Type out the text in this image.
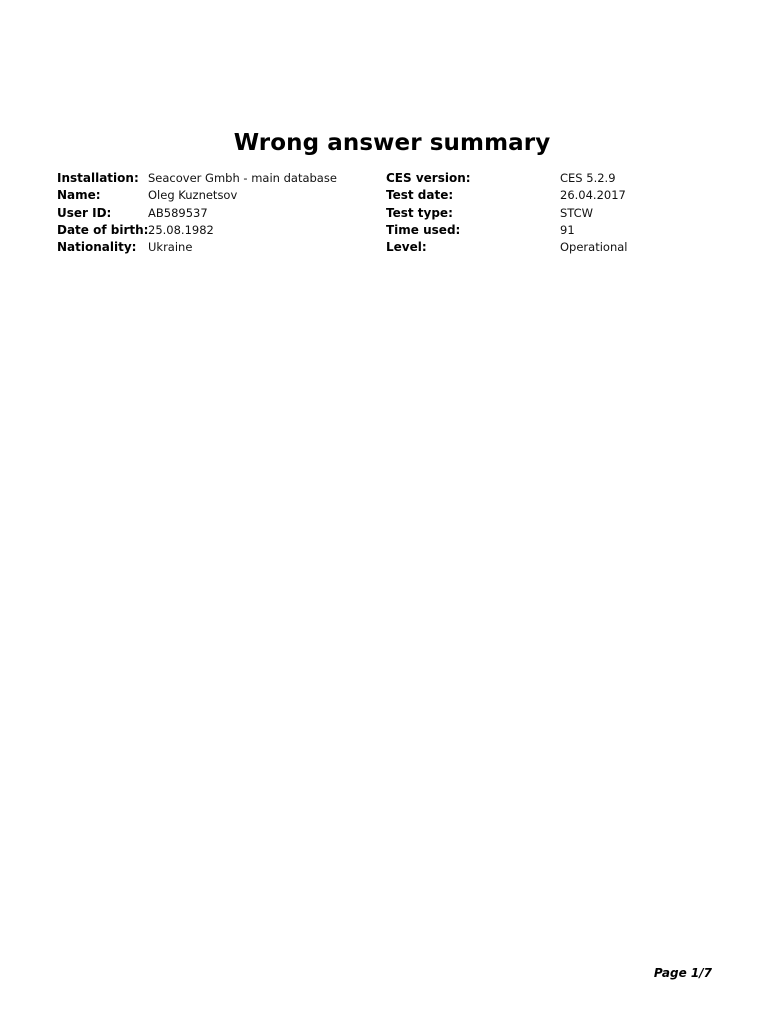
Wrong answer summary
Installation: Seacover Gmbh - main database	CES version:	CES 5.2.9
Name:	Oleg Kuznetsov	Test date:	26.04.2017
User ID:	AB589537	Test type:	STCW
Date of birth: 25.08.1982	Time used:	91
Nationality: Ukraine	Level:	Operational
Page 1/7
